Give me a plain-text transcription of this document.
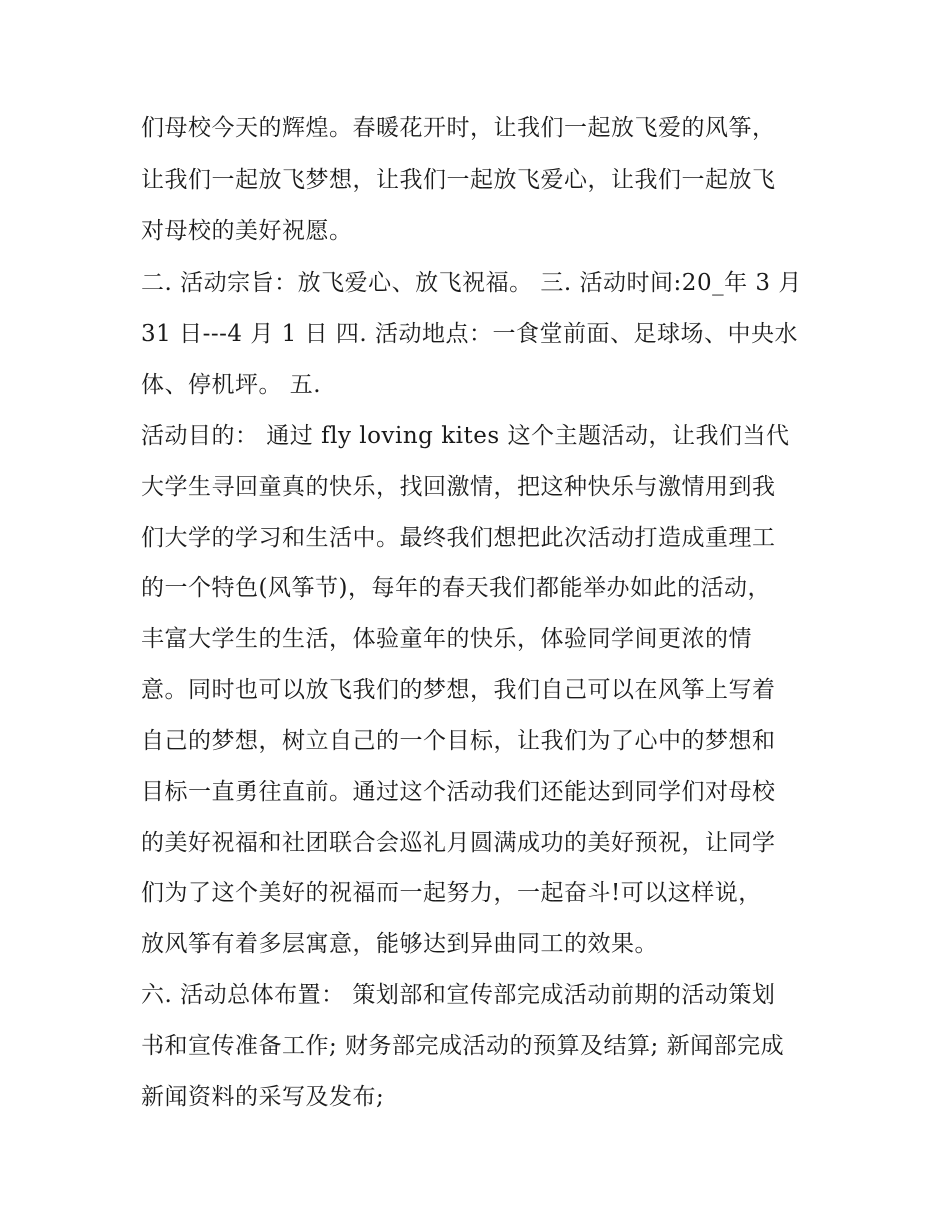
们母校今天的辉煌。春暖花开时，让我们一起放飞爱的风筝，
让我们一起放飞梦想，让我们一起放飞爱心，让我们一起放飞
对母校的美好祝愿。
二. 活动宗旨：放飞爱心、放飞祝福。 三. 活动时间:20_年 3 月
31 日---4 月 1 日 四. 活动地点：一食堂前面、足球场、中央水
体、停机坪。 五.
活动目的： 通过 fly loving kites 这个主题活动，让我们当代
大学生寻回童真的快乐，找回激情，把这种快乐与激情用到我
们大学的学习和生活中。最终我们想把此次活动打造成重理工
的一个特色(风筝节)，每年的春天我们都能举办如此的活动，
丰富大学生的生活，体验童年的快乐，体验同学间更浓的情
意。同时也可以放飞我们的梦想，我们自己可以在风筝上写着
自己的梦想，树立自己的一个目标，让我们为了心中的梦想和
目标一直勇往直前。通过这个活动我们还能达到同学们对母校
的美好祝福和社团联合会巡礼月圆满成功的美好预祝，让同学
们为了这个美好的祝福而一起努力，一起奋斗!可以这样说，
放风筝有着多层寓意，能够达到异曲同工的效果。
六. 活动总体布置： 策划部和宣传部完成活动前期的活动策划
书和宣传准备工作; 财务部完成活动的预算及结算; 新闻部完成
新闻资料的采写及发布;
